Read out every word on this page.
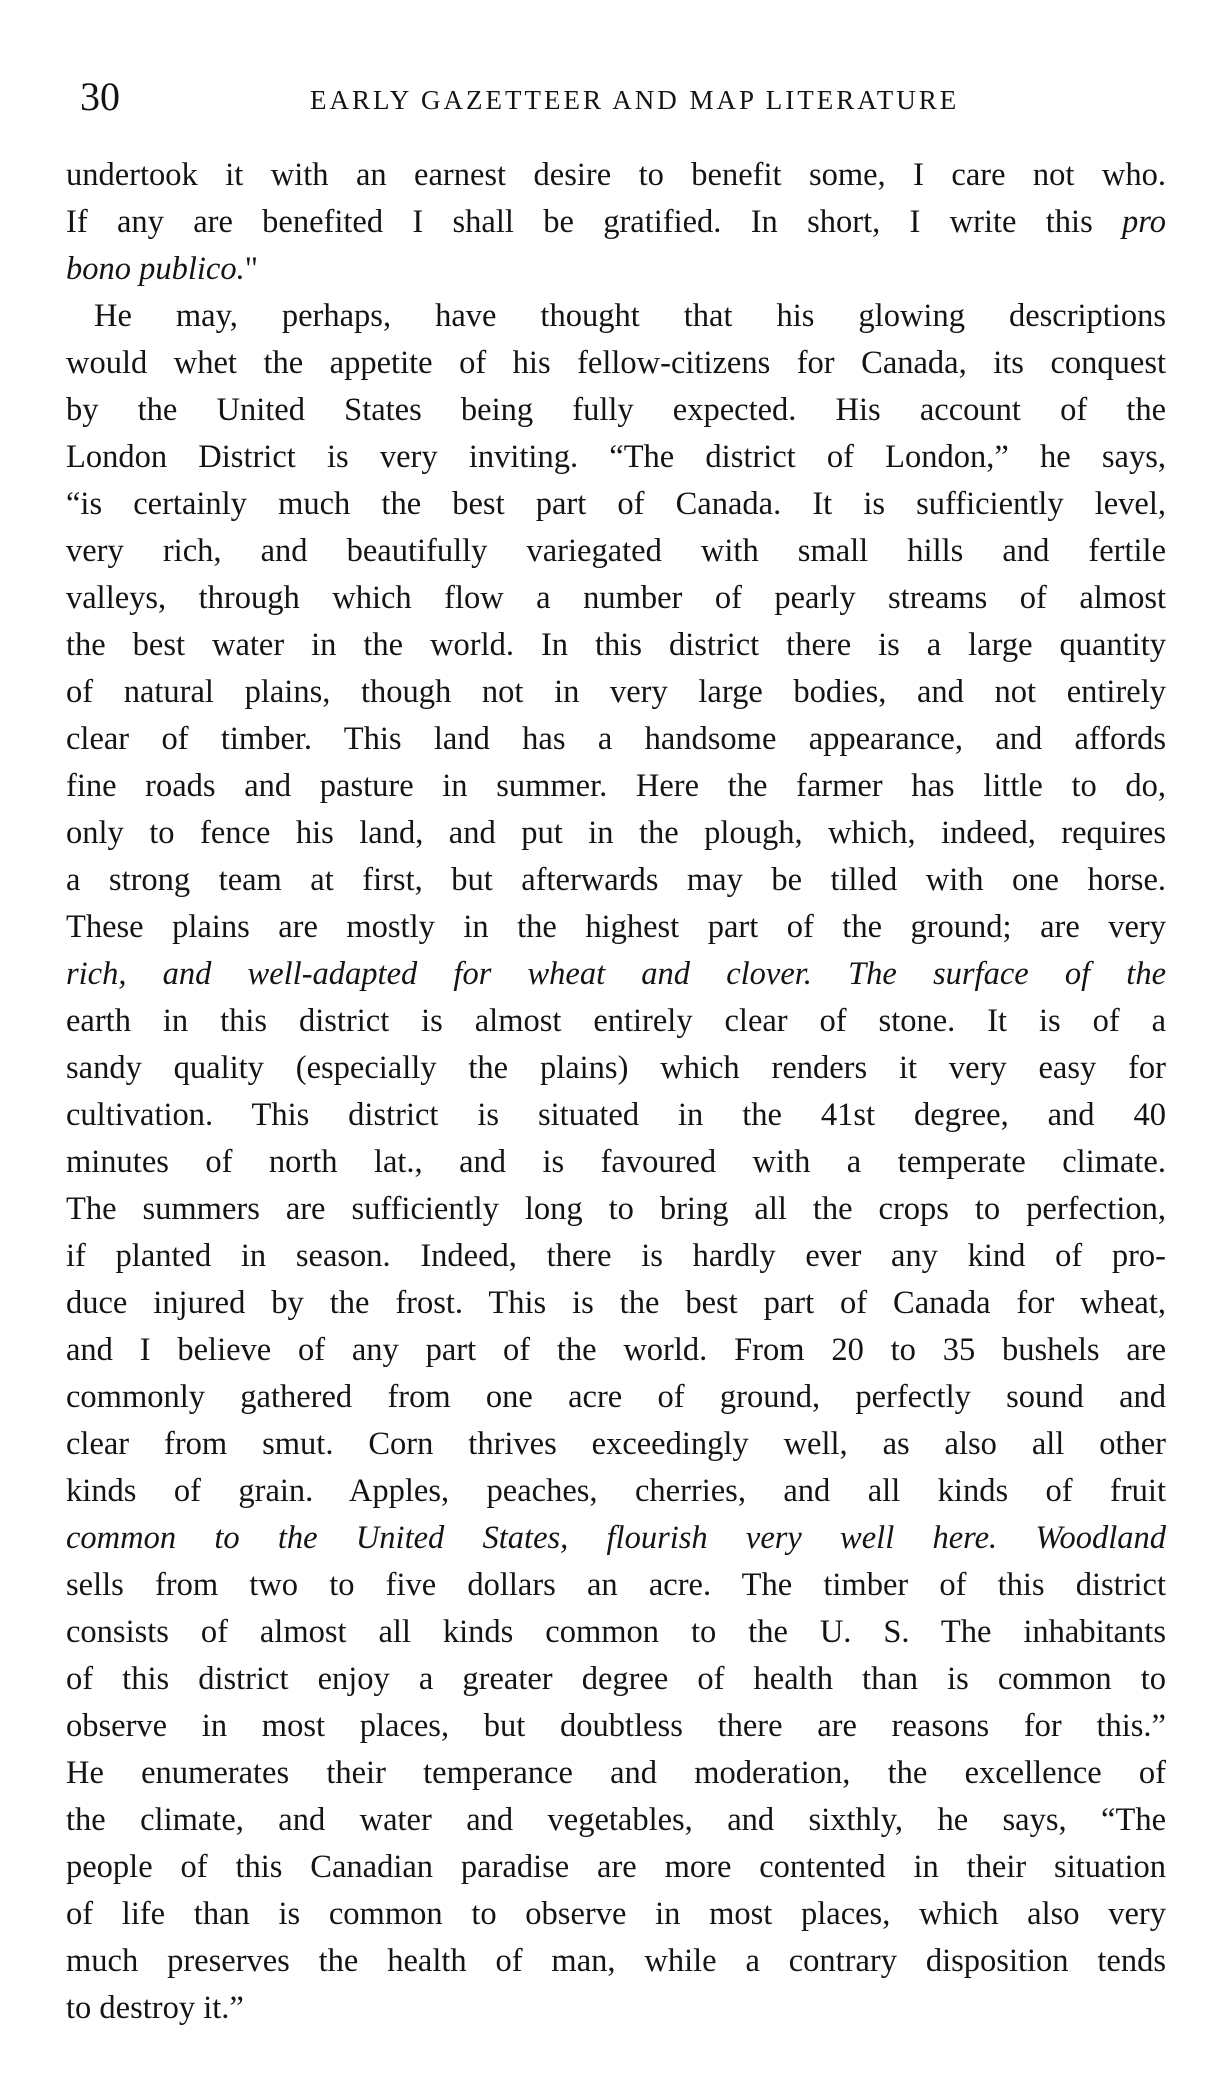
30	EARLY GAZETTEER AND MAP LITERATURE
undertook it with an earnest desire to benefit some, I care not who.
If any are benefited I shall be gratified. In short, I write this pro
bono publico."
He may, perhaps, have thought that his glowing descriptions
would whet the appetite of his fellow-citizens for Canada, its conquest
by the United States being fully expected. His account of the
London District is very inviting. “The district of London,” he says,
“is certainly much the best part of Canada. It is sufficiently level,
very rich, and beautifully variegated with small hills and fertile
valleys, through which flow a number of pearly streams of almost
the best water in the world. In this district there is a large quantity
of natural plains, though not in very large bodies, and not entirely
clear of timber. This land has a handsome appearance, and affords
fine roads and pasture in summer. Here the farmer has little to do,
only to fence his land, and put in the plough, which, indeed, requires
a strong team at first, but afterwards may be tilled with one horse.
These plains are mostly in the highest part of the ground; are very
rich, and well-adapted for wheat and clover. The surface of the
earth in this district is almost entirely clear of stone. It is of a
sandy quality (especially the plains) which renders it very easy for
cultivation. This district is situated in the 41st degree, and 40
minutes of north lat., and is favoured with a temperate climate.
The summers are sufficiently long to bring all the crops to perfection,
if planted in season. Indeed, there is hardly ever any kind of pro-
duce injured by the frost. This is the best part of Canada for wheat,
and I believe of any part of the world. From 20 to 35 bushels are
commonly gathered from one acre of ground, perfectly sound and
clear from smut. Corn thrives exceedingly well, as also all other
kinds of grain. Apples, peaches, cherries, and all kinds of fruit
common to the United States, flourish very well here. Woodland
sells from two to five dollars an acre. The timber of this district
consists of almost all kinds common to the U. S. The inhabitants
of this district enjoy a greater degree of health than is common to
observe in most places, but doubtless there are reasons for this.”
He enumerates their temperance and moderation, the excellence of
the climate, and water and vegetables, and sixthly, he says, “The
people of this Canadian paradise are more contented in their situation
of life than is common to observe in most places, which also very
much preserves the health of man, while a contrary disposition tends
to destroy it.”
